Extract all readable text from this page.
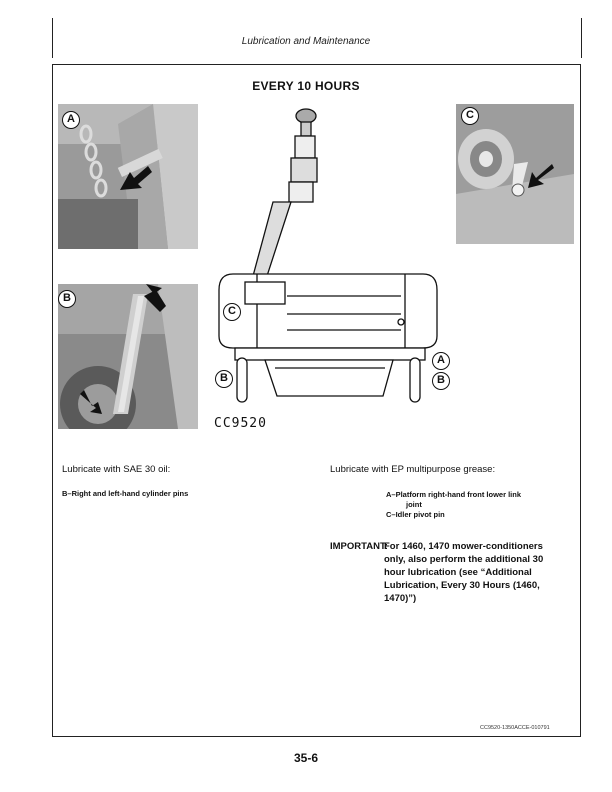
Lubrication and Maintenance
EVERY 10 HOURS
A
B
C
C
B
A
B
CC9520
Lubricate with SAE 30 oil:
B–Right and left-hand cylinder pins
Lubricate with EP multipurpose grease:
A–Platform right-hand front lower link
joint
C–Idler pivot pin
IMPORTANT:
For 1460, 1470 mower-conditioners only, also perform the additional 30 hour lubrication (see “Additional Lubrication, Every 30 Hours (1460, 1470)”)
CC9520-1350ACCE-010791
35-6
